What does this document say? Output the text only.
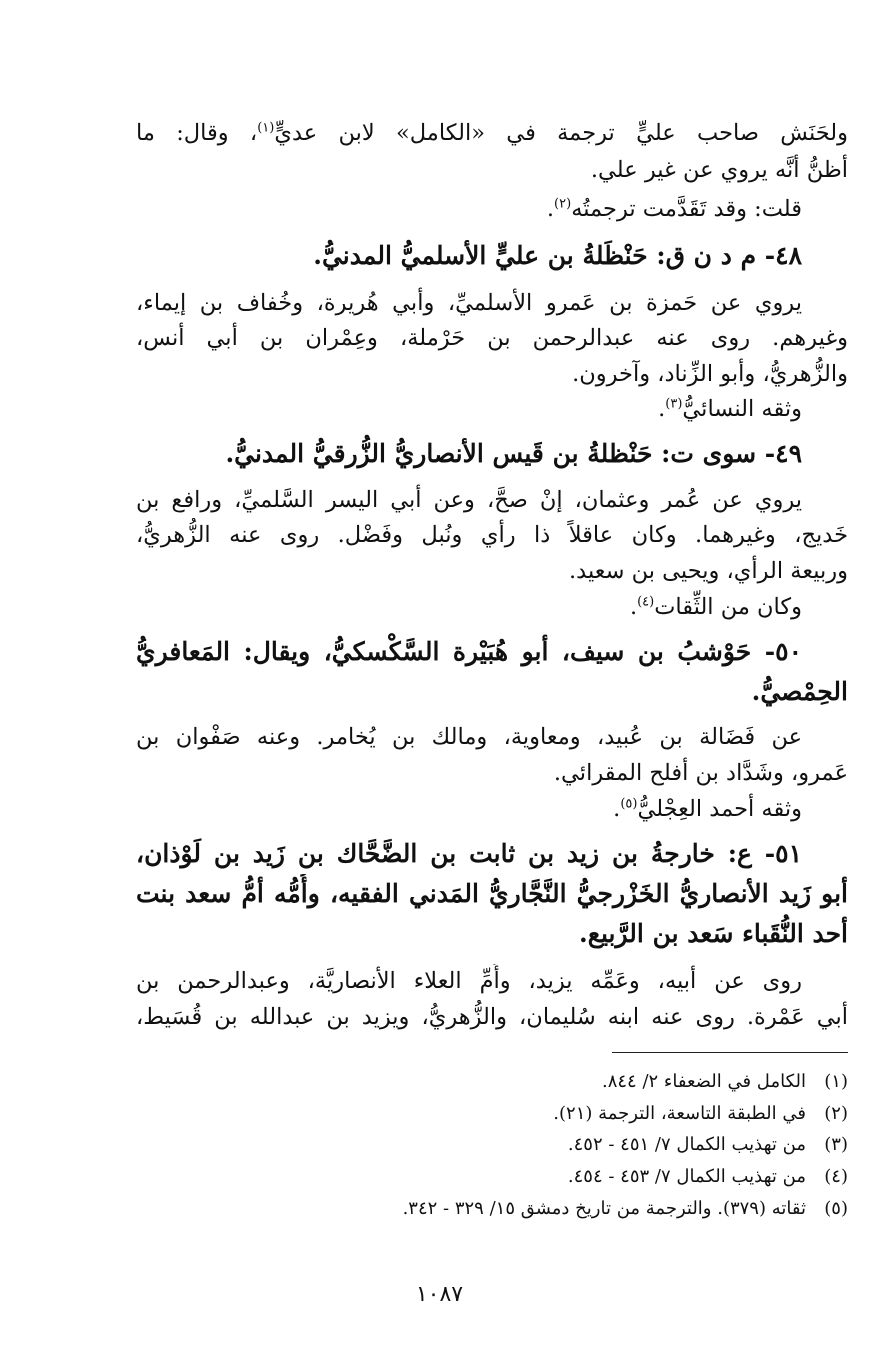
ولحَنَش صاحب عليٍّ ترجمة في «الكامل» لابن عديٍّ$^{(١)}$، وقال: ما
أظنُّ أنَّه يروي عن غير علي.
قلت: وقد تَقَدَّمت ترجمتُه$^{(٢)}$.
٤٨- م د ن ق: حَنْظَلةُ بن عليٍّ الأسلميُّ المدنيُّ.
يروي عن حَمزة بن عَمرو الأسلميِّ، وأبي هُريرة، وخُفاف بن إيماء،
وغيرهم. روى عنه عبدالرحمن بن حَرْملة، وعِمْران بن أبي أنس،
والزُّهريُّ، وأبو الزِّناد، وآخرون.
وثقه النسائيُّ$^{(٣)}$.
٤٩- سوى ت: حَنْظلةُ بن قَيس الأنصاريُّ الزُّرقيُّ المدنيُّ.
يروي عن عُمر وعثمان، إنْ صحَّ، وعن أبي اليسر السَّلميِّ، ورافع بن
خَديج، وغيرهما. وكان عاقلاً ذا رأي ونُبل وفَضْل. روى عنه الزُّهريُّ،
وربيعة الرأي، ويحيى بن سعيد.
وكان من الثِّقات$^{(٤)}$.
٥٠- حَوْشبُ بن سيف، أبو هُبَيْرة السَّكْسكيُّ، ويقال: المَعافريُّ
الحِمْصيُّ.
عن فَضَالة بن عُبيد، ومعاوية، ومالك بن يُخامر. وعنه صَفْوان بن
عَمرو، وشَدَّاد بن أفلح المقرائي.
وثقه أحمد العِجْليُّ$^{(٥)}$.
٥١- ع: خارجةُ بن زيد بن ثابت بن الضَّحَّاك بن زَيد بن لَوْذان،
أبو زَيد الأنصاريُّ الخَزْرجيُّ النَّجَّاريُّ المَدني الفقيه، وأُمُّه أمُّ سعد بنت
أحد النُّقَباء سَعد بن الرَّبيع.
روى عن أبيه، وعَمِّه يزيد، وأُمِّ العلاء الأنصاريَّة، وعبدالرحمن بن
أبي عَمْرة. روى عنه ابنه سُليمان، والزُّهريُّ، ويزيد بن عبدالله بن قُسَيط،
(١)الكامل في الضعفاء ٢/ ٨٤٤.
(٢)في الطبقة التاسعة، الترجمة (٢١).
(٣)من تهذيب الكمال ٧/ ٤٥١ - ٤٥٢.
(٤)من تهذيب الكمال ٧/ ٤٥٣ - ٤٥٤.
(٥)ثقاته (٣٧٩). والترجمة من تاريخ دمشق ١٥/ ٣٢٩ - ٣٤٢.
١٠٨٧
